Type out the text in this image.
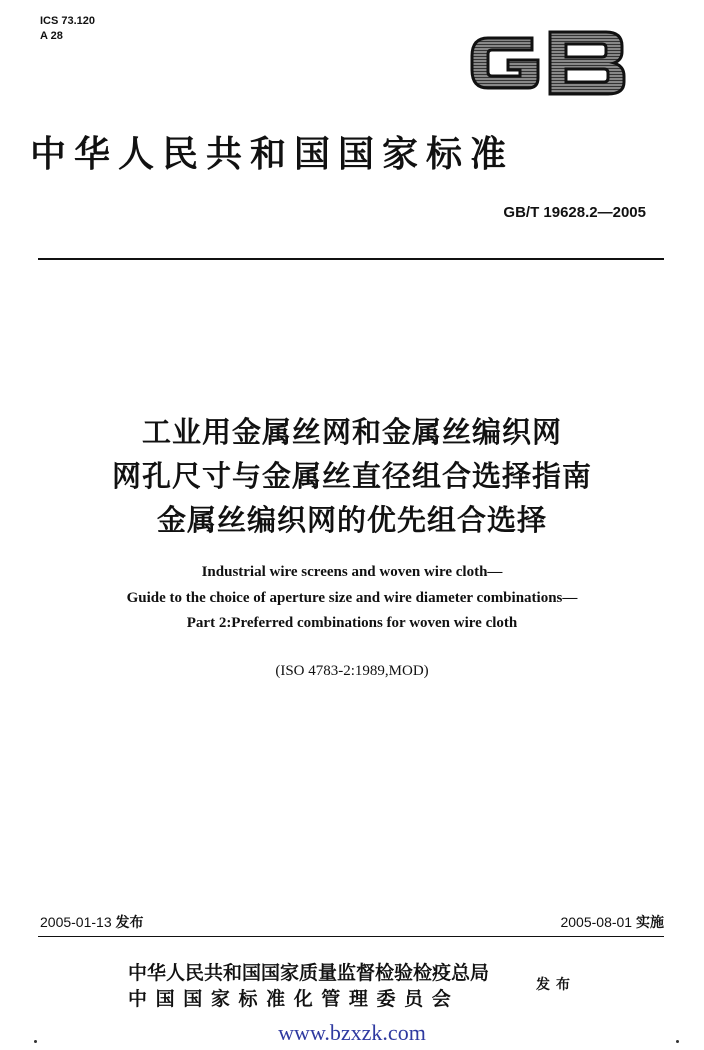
ICS 73.120
A 28
中华人民共和国国家标准
GB/T 19628.2—2005
工业用金属丝网和金属丝编织网
网孔尺寸与金属丝直径组合选择指南
金属丝编织网的优先组合选择
Industrial wire screens and woven wire cloth—
Guide to the choice of aperture size and wire diameter combinations—
Part 2:Preferred combinations for woven wire cloth
(ISO 4783-2:1989,MOD)
2005-01-13 发布	2005-08-01 实施
中华人民共和国国家质量监督检验检疫总局
中 国 国 家 标 准 化 管 理 委 员 会
发布
www.bzxzk.com
